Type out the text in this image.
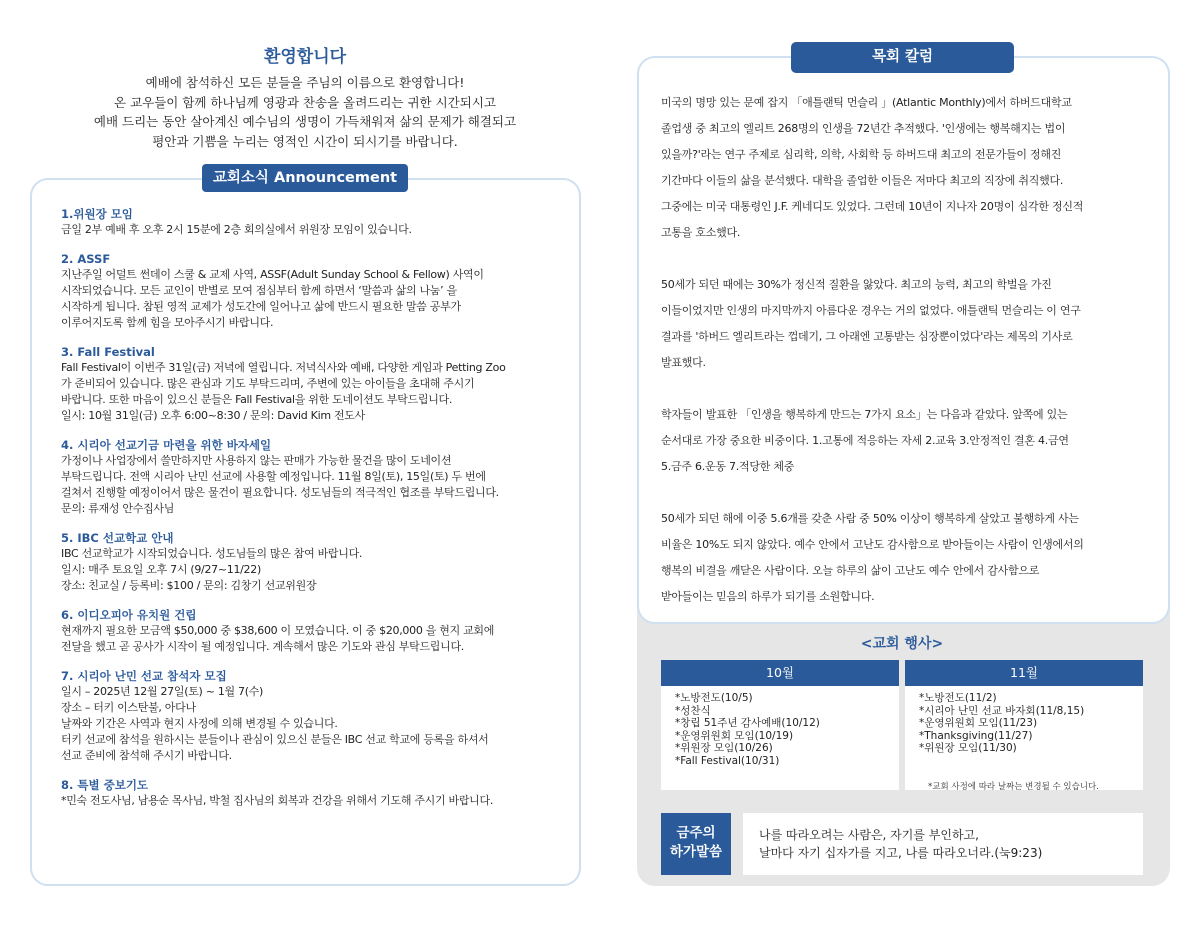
환영합니다
예배에 참석하신 모든 분들을 주님의 이름으로 환영합니다!
온 교우들이 함께 하나님께 영광과 찬송을 올려드리는 귀한 시간되시고
예배 드리는 동안 살아계신 예수님의 생명이 가득채워져 삶의 문제가 해결되고
평안과 기쁨을 누리는 영적인 시간이 되시기를 바랍니다.
교회소식 Announcement
1.위원장 모임
금일 2부 예배 후 오후 2시 15분에 2층 회의실에서 위원장 모임이 있습니다.
2. ASSF
지난주일 어덜트 썬데이 스쿨 & 교제 사역, ASSF(Adult Sunday School & Fellow) 사역이
시작되었습니다. 모든 교인이 반별로 모여 점심부터 함께 하면서 ‘말씀과 삶의 나눔’ 을
시작하게 됩니다. 참된 영적 교제가 성도간에 일어나고 삶에 반드시 필요한 말씀 공부가
이루어지도록 함께 힘을 모아주시기 바랍니다.
3. Fall Festival
Fall Festival이 이번주 31일(금) 저녁에 열립니다. 저녁식사와 예배, 다양한 게임과 Petting Zoo
가 준비되어 있습니다. 많은 관심과 기도 부탁드리며, 주변에 있는 아이들을 초대해 주시기
바랍니다. 또한 마음이 있으신 분들은 Fall Festival을 위한 도네이션도 부탁드립니다.
일시: 10월 31일(금) 오후 6:00~8:30 / 문의: David Kim 전도사
4. 시리아 선교기금 마련을 위한 바자세일
가정이나 사업장에서 쓸만하지만 사용하지 않는 판매가 가능한 물건을 많이 도네이션
부탁드립니다. 전액 시리아 난민 선교에 사용할 예정입니다. 11월 8일(토), 15일(토) 두 번에
걸쳐서 진행할 예정이어서 많은 물건이 필요합니다. 성도님들의 적극적인 협조를 부탁드립니다.
문의: 류재성 안수집사님
5. IBC 선교학교 안내
IBC 선교학교가 시작되었습니다. 성도님들의 많은 참여 바랍니다.
일시: 매주 토요일 오후 7시 (9/27~11/22)
장소: 친교실 / 등록비: $100 / 문의: 김창기 선교위원장
6. 이디오피아 유치원 건립
현재까지 필요한 모금액 $50,000 중 $38,600 이 모였습니다. 이 중 $20,000 을 현지 교회에
전달을 했고 곧 공사가 시작이 될 예정입니다. 계속해서 많은 기도와 관심 부탁드립니다.
7. 시리아 난민 선교 참석자 모집
일시 – 2025년 12월 27일(토) ~ 1월 7(수)
장소 – 터키 이스탄불, 아다나
날짜와 기간은 사역과 현지 사정에 의해 변경될 수 있습니다.
터키 선교에 참석을 원하시는 분들이나 관심이 있으신 분들은 IBC 선교 학교에 등록을 하셔서
선교 준비에 참석해 주시기 바랍니다.
8. 특별 중보기도
*민숙 전도사님, 남용순 목사님, 박철 집사님의 회복과 건강을 위해서 기도해 주시기 바랍니다.
목회 칼럼
미국의 명망 있는 문예 잡지 「애틀랜틱 먼슬리 」(Atlantic Monthly)에서 하버드대학교
졸업생 중 최고의 엘리트 268명의 인생을 72년간 추적했다. '인생에는 행복해지는 법이
있을까?'라는 연구 주제로 심리학, 의학, 사회학 등 하버드대 최고의 전문가들이 정해진
기간마다 이들의 삶을 분석했다. 대학을 졸업한 이들은 저마다 최고의 직장에 취직했다.
그중에는 미국 대통령인 J.F. 케네디도 있었다. 그런데 10년이 지나자 20명이 심각한 정신적
고통을 호소했다.
50세가 되던 때에는 30%가 정신적 질환을 앓았다. 최고의 능력, 최고의 학벌을 가진
이들이었지만 인생의 마지막까지 아름다운 경우는 거의 없었다. 애틀랜틱 먼슬리는 이 연구
결과를 '하버드 엘리트라는 껍데기, 그 아래엔 고통받는 심장뿐이었다'라는 제목의 기사로
발표했다.
학자들이 발표한 「인생을 행복하게 만드는 7가지 요소」는 다음과 같았다. 앞쪽에 있는
순서대로 가장 중요한 비중이다. 1.고통에 적응하는 자세 2.교육 3.안정적인 결혼 4.금연
5.금주 6.운동 7.적당한 체중
50세가 되던 해에 이중 5.6개를 갖춘 사람 중 50% 이상이 행복하게 살았고 불행하게 사는
비율은 10%도 되지 않았다. 예수 안에서 고난도 감사함으로 받아들이는 사람이 인생에서의
행복의 비결을 깨닫은 사람이다. 오늘 하루의 삶이 고난도 예수 안에서 감사함으로
받아들이는 믿음의 하루가 되기를 소원합니다.
<교회 행사>
10월
*노방전도(10/5)
*성찬식
*창립 51주년 감사예배(10/12)
*운영위원회 모임(10/19)
*위원장 모임(10/26)
*Fall Festival(10/31)
11월
*노방전도(11/2)
*시리아 난민 선교 바자회(11/8,15)
*운영위원회 모임(11/23)
*Thanksgiving(11/27)
*위원장 모임(11/30)
*교회 사정에 따라 날짜는 변경될 수 있습니다.
금주의
하가말씀
나를 따라오려는 사람은, 자기를 부인하고,
날마다 자기 십자가를 지고, 나를 따라오너라.(눅9:23)
